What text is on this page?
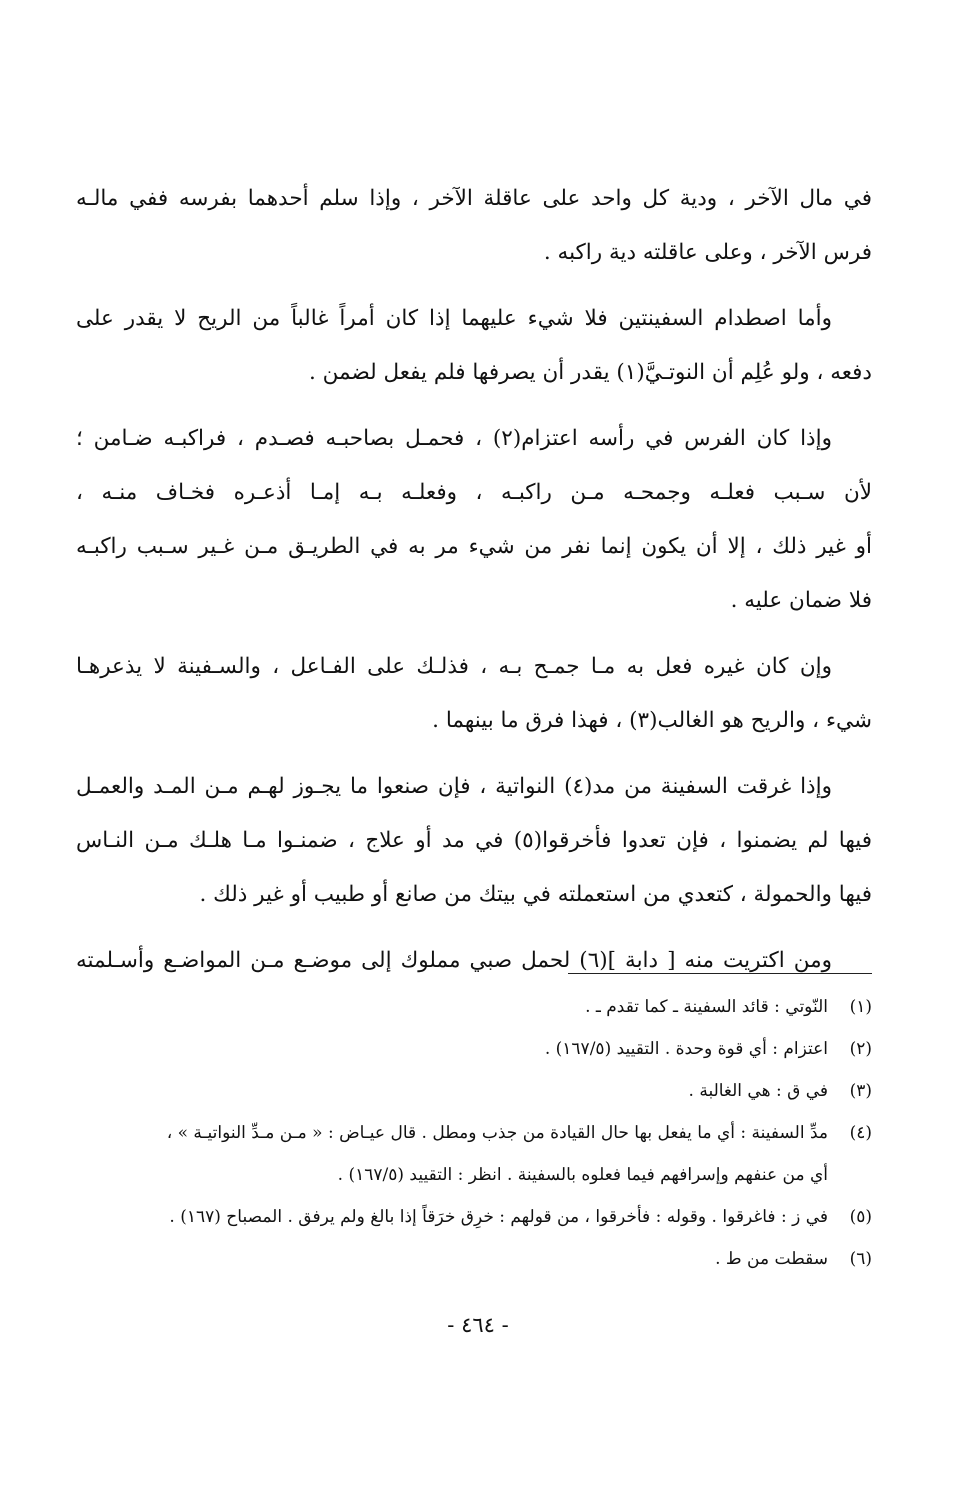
في مال الآخر ، ودية كل واحد على عاقلة الآخر ، وإذا سلم أحدهما بفرسه ففي مالـه
فرس الآخر ، وعلى عاقلته دية راكبه .
وأما اصطدام السفينتين فلا شيء عليهما إذا كان أمراً غالباً من الريح لا يقدر على
دفعه ، ولو عُلِم أن النوتـيَّ(١) يقدر أن يصرفها فلم يفعل لضمن .
وإذا كان الفرس في رأسه اعتزام(٢) ، فحمـل بصاحبـه فصـدم ، فراكبـه ضـامن ؛
لأن سـبب فعلـه وجمحـه مـن راكبـه ، وفعلـه بـه إمـا أذعـره فخـاف منـه ،
أو غير ذلك ، إلا أن يكون إنما نفر من شيء مر به في الطريـق مـن غـير سـبب راكبـه
فلا ضمان عليه .
وإن كان غيره فعل به مـا جمـح بـه ، فذلـك على الفـاعل ، والسـفينة لا يذعرهـا
شيء ، والريح هو الغالب(٣) ، فهذا فرق ما بينهما .
وإذا غرقت السفينة من مد(٤) النواتية ، فإن صنعوا ما يجـوز لهـم مـن المـد والعمـل
فيها لم يضمنوا ، فإن تعدوا فأخرقوا(٥) في مد أو علاج ، ضمنـوا مـا هلـك مـن النـاس
فيها والحمولة ، كتعدي من استعملته في بيتك من صانع أو طبيب أو غير ذلك .
ومن اكتريت منه [ دابة ](٦) لحمل صبي مملوك إلى موضـع مـن المواضـع وأسـلمته
(١)
النّوتي : قائد السفينة ـ كما تقدم ـ .
(٢)
اعتزام : أي قوة وحدة . التقييد (١٦٧/٥) .
(٣)
في ق : هي الغالبة .
(٤)
مدِّ السفينة : أي ما يفعل بها حال القيادة من جذب ومطل . قال عيـاض : « مـن مـدِّ النواتيـة » ،
أي من عنفهم وإسرافهم فيما فعلوه بالسفينة . انظر : التقييد (١٦٧/٥) .
(٥)
في ز : فاغرقوا . وقوله : فأخرقوا ، من قولهم : خرِق خرَقاً إذا بالغ ولم يرفق . المصباح (١٦٧) .
(٦)
سقطت من ط .
- ٤٦٤ -
